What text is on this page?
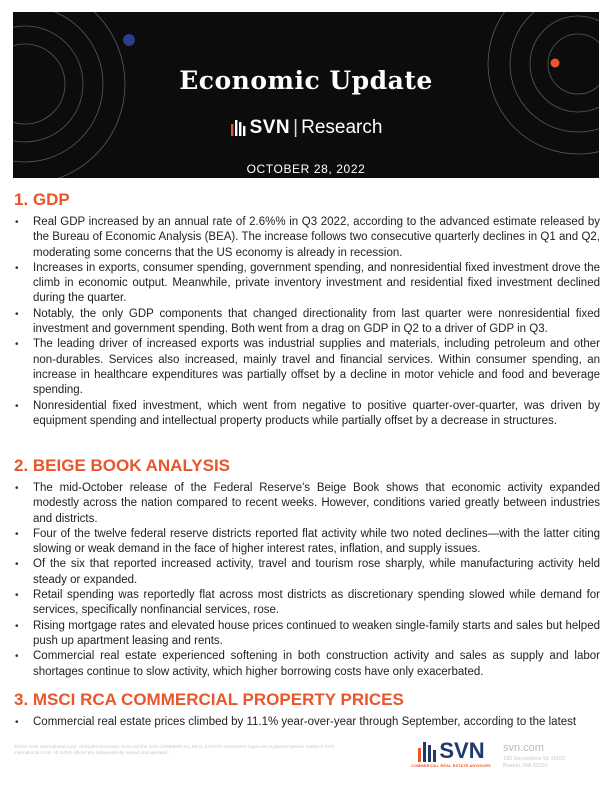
Economic Update
SVN | Research
OCTOBER 28, 2022
1. GDP
• Real GDP increased by an annual rate of 2.6%% in Q3 2022, according to the advanced estimate released by the Bureau of Economic Analysis (BEA). The increase follows two consecutive quarterly declines in Q1 and Q2, moderating some concerns that the US economy is already in recession.
• Increases in exports, consumer spending, government spending, and nonresidential fixed investment drove the climb in economic output. Meanwhile, private inventory investment and residential fixed investment declined during the quarter.
• Notably, the only GDP components that changed directionality from last quarter were nonresidential fixed investment and government spending. Both went from a drag on GDP in Q2 to a driver of GDP in Q3.
• The leading driver of increased exports was industrial supplies and materials, including petroleum and other non-durables. Services also increased, mainly travel and financial services. Within consumer spending, an increase in healthcare expenditures was partially offset by a decline in motor vehicle and food and beverage spending.
• Nonresidential fixed investment, which went from negative to positive quarter-over-quarter, was driven by equipment spending and intellectual property products while partially offset by a decrease in structures.
2. BEIGE BOOK ANALYSIS
• The mid-October release of the Federal Reserve's Beige Book shows that economic activity expanded modestly across the nation compared to recent weeks. However, conditions varied greatly between industries and districts.
• Four of the twelve federal reserve districts reported flat activity while two noted declines—with the latter citing slowing or weak demand in the face of higher interest rates, inflation, and supply issues.
• Of the six that reported increased activity, travel and tourism rose sharply, while manufacturing activity held steady or expanded.
• Retail spending was reportedly flat across most districts as discretionary spending slowed while demand for services, specifically nonfinancial services, rose.
• Rising mortgage rates and elevated house prices continued to weaken single-family starts and sales but helped push up apartment leasing and rents.
• Commercial real estate experienced softening in both construction activity and sales as supply and labor shortages continue to slow activity, which higher borrowing costs have only exacerbated.
3. MSCI RCA COMMERCIAL PROPERTY PRICES
• Commercial real estate prices climbed by 11.1% year-over-year through September, according to the latest
©2022 SVN International Corp. All Rights Reserved. SVN and the SVN COMMERCIAL REAL ESTATE ADVISORS logos are registered service marks of SVN International Corp. All SVN® offices are independently owned and operated.	SVN
COMMERCIAL REAL ESTATE ADVISORS
svn.com
185 Devonshire St. M102
Boston, MA 02110
